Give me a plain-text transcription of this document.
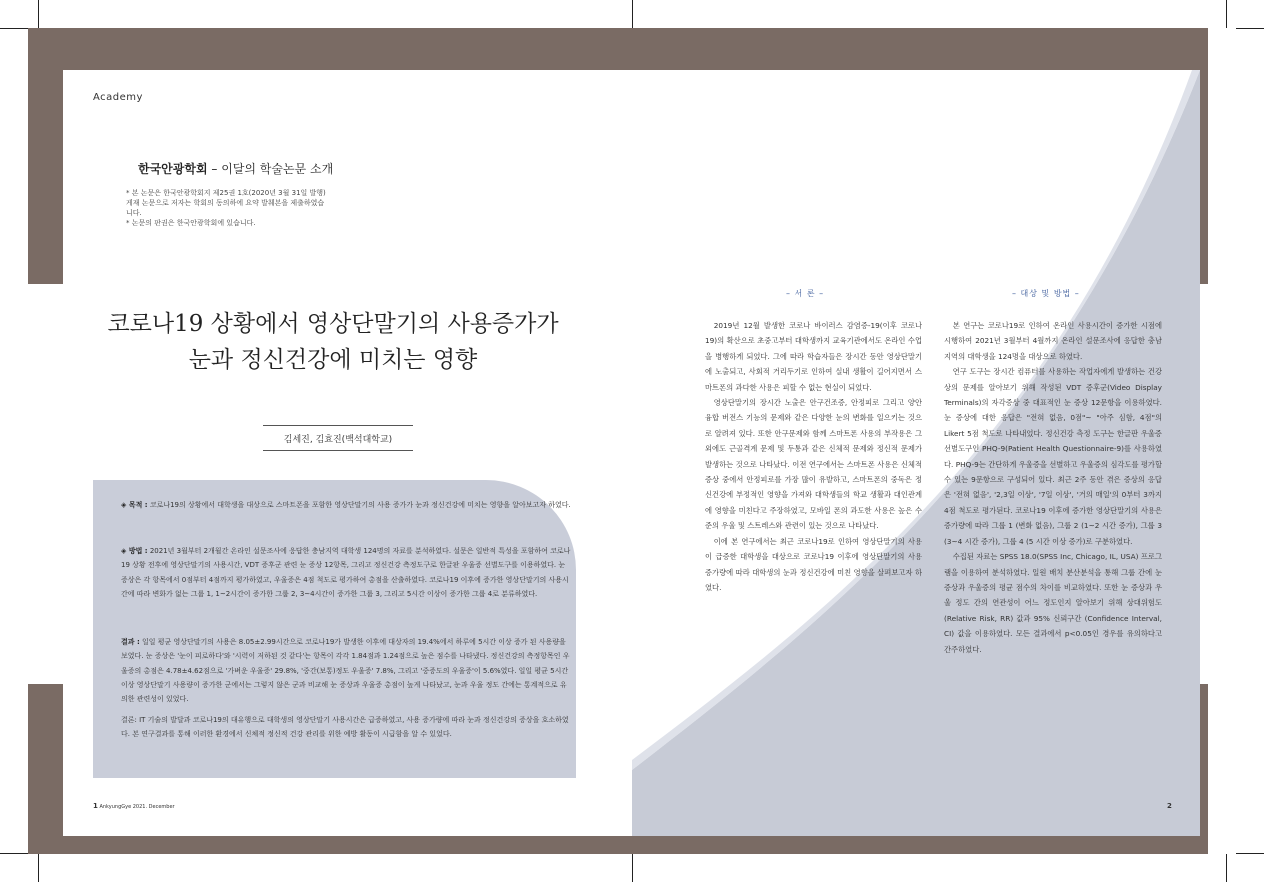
Academy
한국안광학회 – 이달의 학술논문 소개
* 본 논문은 한국안광학회지 제25권 1호(2020년 3월 31일 발행) 게재 논문으로 저자는 학회의 동의하에 요약 발췌본을 제출하였습니다.
* 논문의 판권은 한국안광학회에 있습니다.
코로나19 상황에서 영상단말기의 사용증가가
눈과 정신건강에 미치는 영향
김세진, 김효진(백석대학교)
◈ 목적 : 코로나19의 상황에서 대학생을 대상으로 스마트폰을 포함한 영상단말기의 사용 증가가 눈과 정신건강에 미치는 영향을 알아보고자 하였다.
◈ 방법 : 2021년 3월부터 2개월간 온라인 설문조사에 응답한 충남지역 대학생 124명의 자료를 분석하였다. 설문은 일반적 특성을 포함하여 코로나19 상황 전후에 영상단말기의 사용시간, VDT 증후군 관련 눈 증상 12항목, 그리고 정신건강 측정도구로 한글판 우울증 선별도구를 이용하였다. 눈 증상은 각 항목에서 0점부터 4점까지 평가하였고, 우울증은 4점 척도로 평가하여 총점을 산출하였다. 코로나19 이후에 증가한 영상단말기의 사용시간에 따라 변화가 없는 그룹 1, 1~2시간이 증가한 그룹 2, 3~4시간이 증가한 그룹 3, 그리고 5시간 이상이 증가한 그룹 4로 분류하였다.
결과 : 일일 평균 영상단말기의 사용은 8.05±2.99시간으로 코로나19가 발생한 이후에 대상자의 19.4%에서 하루에 5시간 이상 증가 된 사용량을 보였다. 눈 증상은 '눈이 피로하다'와 '시력이 저하된 것 같다'는 항목이 각각 1.84점과 1.24점으로 높은 점수를 나타냈다. 정신건강의 측정항목인 우울증의 총점은 4.78±4.62점으로 '가벼운 우울증' 29.8%, '중간(보통)정도 우울증' 7.8%, 그리고 '중증도의 우울증'이 5.6%였다. 일일 평균 5시간 이상 영상단말기 사용량이 증가한 군에서는 그렇지 않은 군과 비교해 눈 증상과 우울증 총점이 높게 나타났고, 눈과 우울 정도 간에는 통계적으로 유의한 관련성이 있었다.
결론: IT 기술의 발달과 코로나19의 대유행으로 대학생의 영상단말기 사용시간은 급증하였고, 사용 증가량에 따라 눈과 정신건강의 증상을 호소하였다. 본 연구결과를 통해 이러한 환경에서 신체적 정신적 건강 관리를 위한 예방 활동이 시급함을 알 수 있었다.
1 AnkyungGye 2021. December
– 서 론 –

2019년 12월 발생한 코로나 바이러스 감염증-19(이후 코로나19)의 확산으로 초중고부터 대학생까지 교육기관에서도 온라인 수업을 병행하게 되었다. 그에 따라 학습자들은 장시간 동안 영상단말기에 노출되고, 사회적 거리두기로 인하여 실내 생활이 길어지면서 스마트폰의 과다한 사용은 피할 수 없는 현실이 되었다.

영상단말기의 장시간 노출은 안구건조증, 안정피로 그리고 양안 융합 버전스 기능의 문제와 같은 다양한 눈의 변화를 일으키는 것으로 알려져 있다. 또한 안구문제와 함께 스마트폰 사용의 부작용은 그 외에도 근골격계 문제 및 두통과 같은 신체적 문제와 정신적 문제가 발생하는 것으로 나타났다. 이전 연구에서는 스마트폰 사용은 신체적 증상 중에서 안정피로를 가장 많이 유발하고, 스마트폰의 중독은 정신건강에 부정적인 영향을 가져와 대학생들의 학교 생활과 대인관계에 영향을 미친다고 주장하였고, 모바일 폰의 과도한 사용은 높은 수준의 우울 및 스트레스와 관련이 있는 것으로 나타났다.

이에 본 연구에서는 최근 코로나19로 인하여 영상단말기의 사용이 급증한 대학생을 대상으로 코로나19 이후에 영상단말기의 사용 증가량에 따라 대학생의 눈과 정신건강에 미친 영향을 살펴보고자 하였다.

– 대상 및 방법 –

본 연구는 코로나19로 인하여 온라인 사용시간이 증가한 시점에 시행하여 2021년 3월부터 4월까지 온라인 설문조사에 응답한 충남지역의 대학생을 124명을 대상으로 하였다.

연구 도구는 장시간 컴퓨터를 사용하는 작업자에게 발생하는 건강상의 문제를 알아보기 위해 작성된 VDT 증후군(Video Display Terminals)의 자각증상 중 대표적인 눈 증상 12문항을 이용하였다. 눈 증상에 대한 응답은 "전혀 없음, 0점"~ "아주 심함, 4점"의 Likert 5점 척도로 나타내었다. 정신건강 측정 도구는 한글판 우울증 선별도구인 PHQ-9(Patient Health Questionnaire-9)를 사용하였다. PHQ-9는 간단하게 우울증을 선별하고 우울증의 심각도를 평가할 수 있는 9문항으로 구성되어 있다. 최근 2주 동안 겪은 증상의 응답은 '전혀 없음', '2,3일 이상', '7일 이상', '거의 매일'의 0부터 3까지 4점 척도로 평가된다. 코로나19 이후에 증가한 영상단말기의 사용은 증가량에 따라 그룹 1 (변화 없음), 그룹 2 (1~2 시간 증가), 그룹 3 (3~4 시간 증가), 그룹 4 (5 시간 이상 증가)로 구분하였다.

수집된 자료는 SPSS 18.0(SPSS Inc, Chicago, IL, USA) 프로그램을 이용하여 분석하였다. 일원 배치 분산분석을 통해 그룹 간에 눈 증상과 우울증의 평균 점수의 차이를 비교하였다. 또한 눈 증상과 우울 정도 간의 연관성이 어느 정도인지 알아보기 위해 상대위험도(Relative Risk, RR) 값과 95% 신뢰구간 (Confidence Interval, CI) 값을 이용하였다. 모든 결과에서 p<0.05인 경우를 유의하다고 간주하였다.

2
